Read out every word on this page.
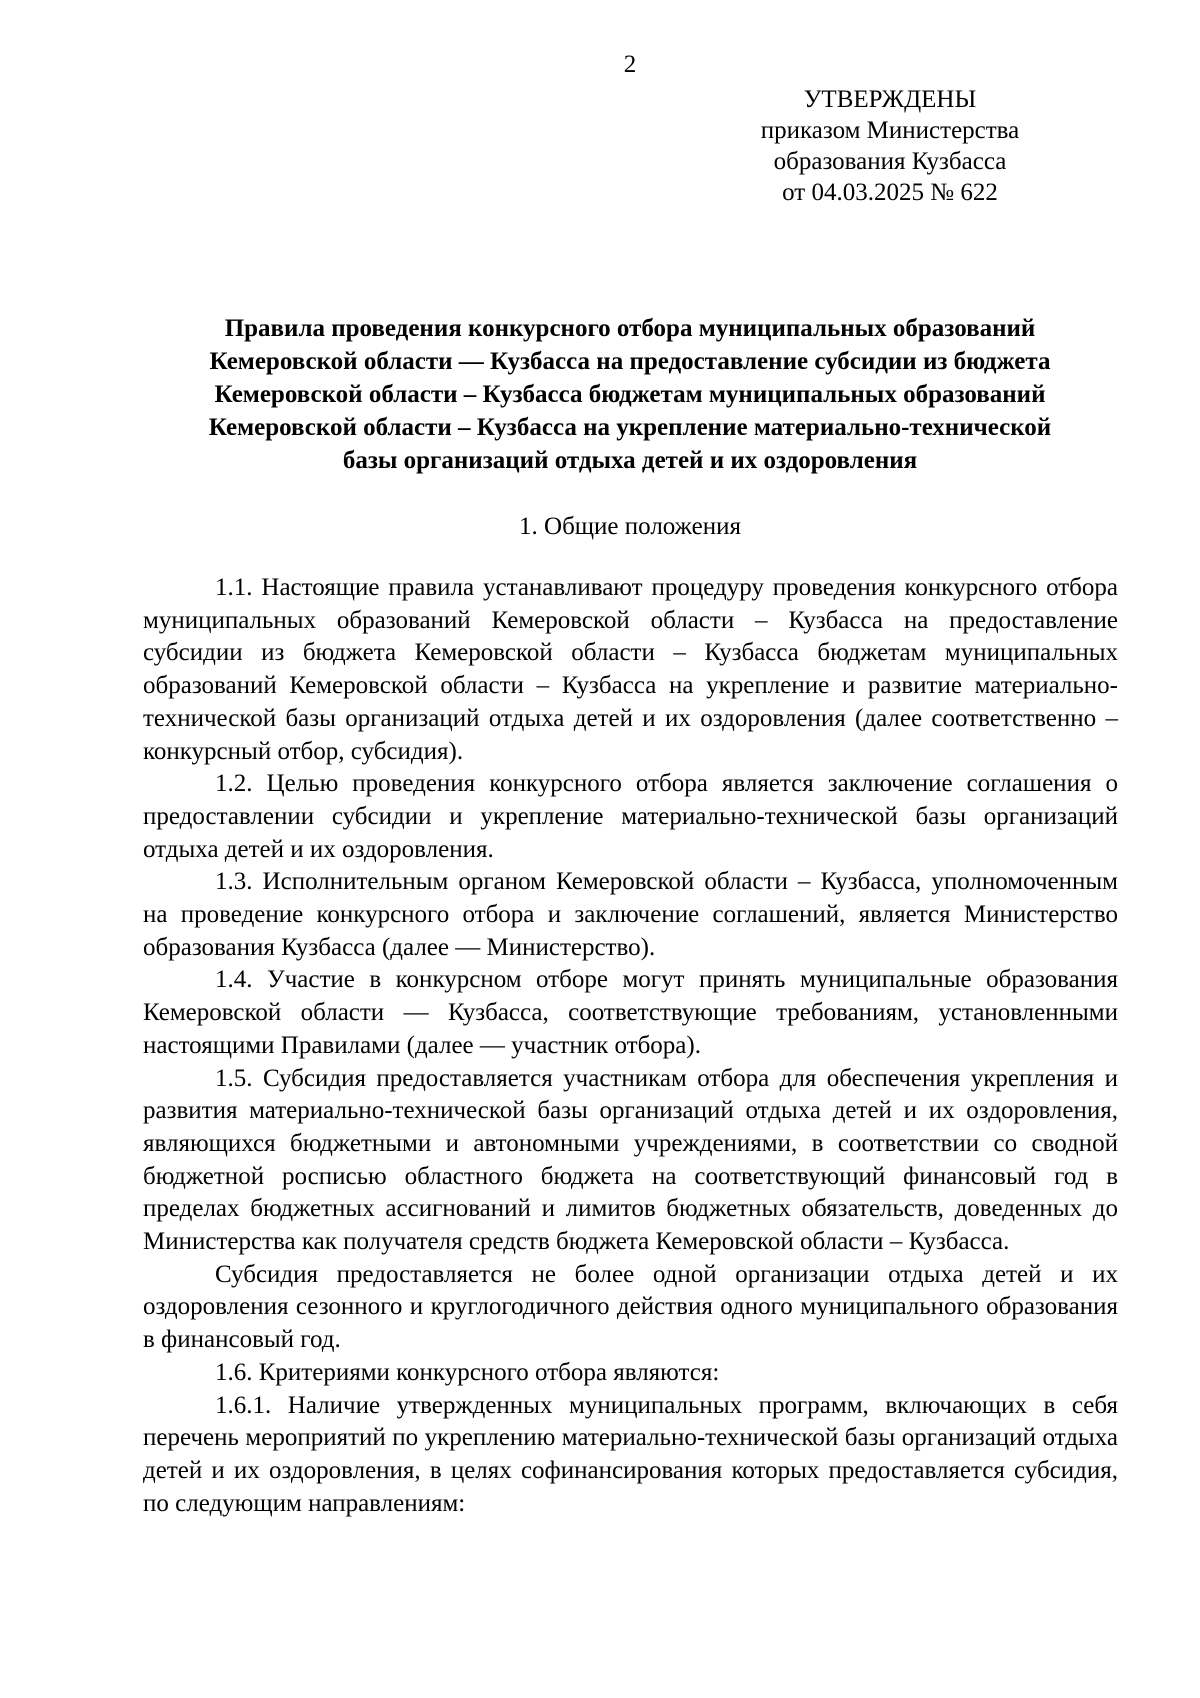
2
УТВЕРЖДЕНЫ
приказом Министерства
образования Кузбасса
от 04.03.2025 № 622
Правила проведения конкурсного отбора муниципальных образований
Кемеровской области — Кузбасса на предоставление субсидии из бюджета
Кемеровской области – Кузбасса бюджетам муниципальных образований
Кемеровской области – Кузбасса на укрепление материально-технической
базы организаций отдыха детей и их оздоровления
1. Общие положения

1.1. Настоящие правила устанавливают процедуру проведения конкурсного отбора муниципальных образований Кемеровской области – Кузбасса на предоставление субсидии из бюджета Кемеровской области – Кузбасса бюджетам муниципальных образований Кемеровской области – Кузбасса на укрепление и развитие материально-технической базы организаций отдыха детей и их оздоровления (далее соответственно – конкурсный отбор, субсидия).

1.2. Целью проведения конкурсного отбора является заключение соглашения о предоставлении субсидии и укрепление материально-технической базы организаций отдыха детей и их оздоровления.

1.3. Исполнительным органом Кемеровской области – Кузбасса, уполномоченным на проведение конкурсного отбора и заключение соглашений, является Министерство образования Кузбасса (далее — Министерство).

1.4. Участие в конкурсном отборе могут принять муниципальные образования Кемеровской области — Кузбасса, соответствующие требованиям, установленными настоящими Правилами (далее — участник отбора).

1.5. Субсидия предоставляется участникам отбора для обеспечения укрепления и развития материально-технической базы организаций отдыха детей и их оздоровления, являющихся бюджетными и автономными учреждениями, в соответствии со сводной бюджетной росписью областного бюджета на соответствующий финансовый год в пределах бюджетных ассигнований и лимитов бюджетных обязательств, доведенных до Министерства как получателя средств бюджета Кемеровской области – Кузбасса.

Субсидия предоставляется не более одной организации отдыха детей и их оздоровления сезонного и круглогодичного действия одного муниципального образования в финансовый год.

1.6. Критериями конкурсного отбора являются:

1.6.1. Наличие утвержденных муниципальных программ, включающих в себя перечень мероприятий по укреплению материально-технической базы организаций отдыха детей и их оздоровления, в целях софинансирования которых предоставляется субсидия, по следующим направлениям:
